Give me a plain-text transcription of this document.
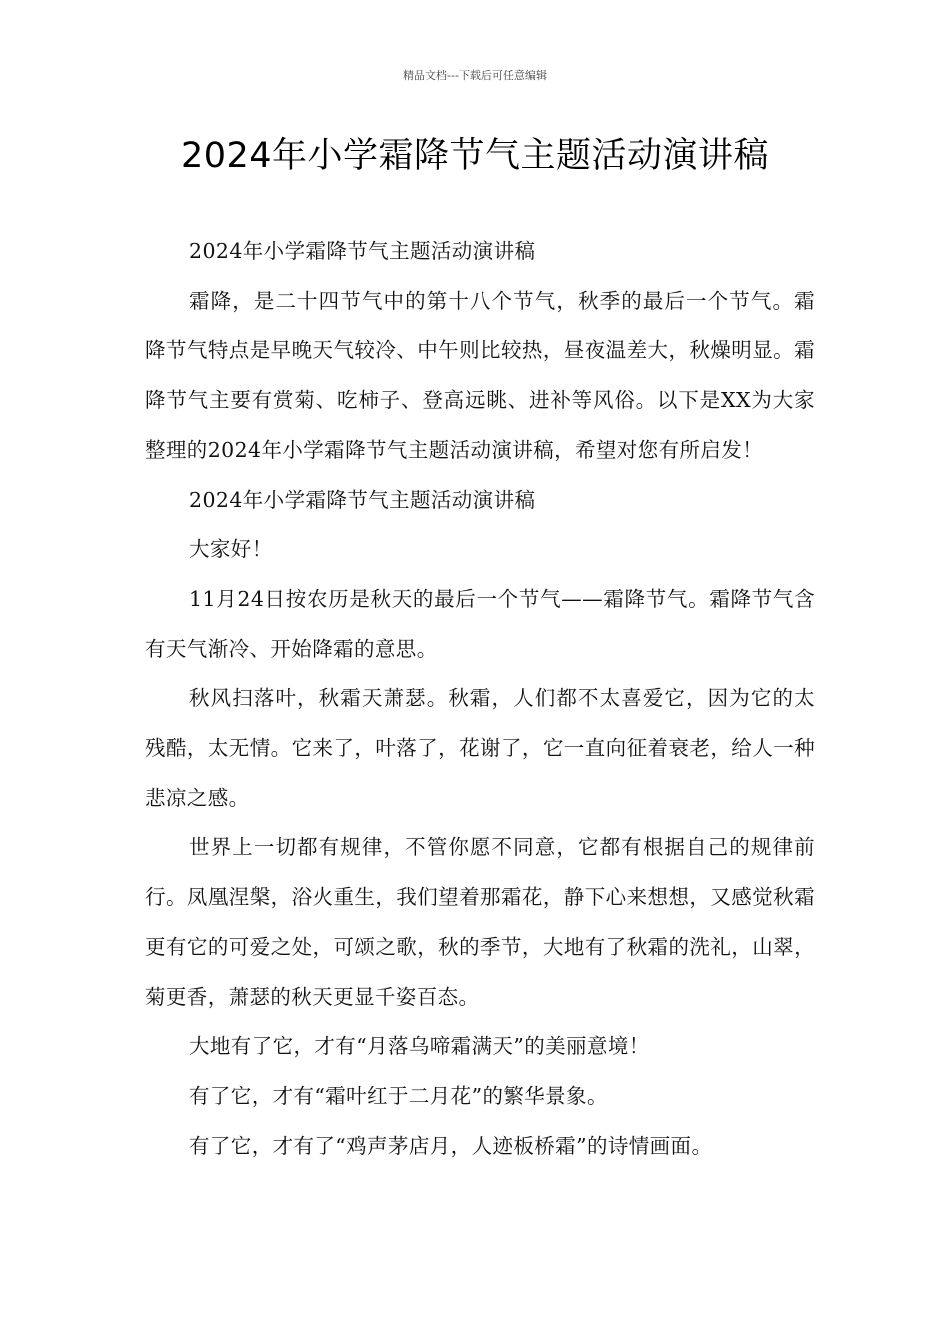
精品文档---下载后可任意编辑
2024年小学霜降节气主题活动演讲稿

2024年小学霜降节气主题活动演讲稿

霜降，是二十四节气中的第十八个节气，秋季的最后一个节气。霜降节气特点是早晚天气较冷、中午则比较热，昼夜温差大，秋燥明显。霜降节气主要有赏菊、吃柿子、登高远眺、进补等风俗。以下是XX为大家整理的2024年小学霜降节气主题活动演讲稿，希望对您有所启发！

2024年小学霜降节气主题活动演讲稿

大家好！

11月24日按农历是秋天的最后一个节气——霜降节气。霜降节气含有天气渐冷、开始降霜的意思。

秋风扫落叶，秋霜天萧瑟。秋霜，人们都不太喜爱它，因为它的太残酷，太无情。它来了，叶落了，花谢了，它一直向征着衰老，给人一种悲凉之感。

世界上一切都有规律，不管你愿不同意，它都有根据自己的规律前行。凤凰涅槃，浴火重生，我们望着那霜花，静下心来想想，又感觉秋霜更有它的可爱之处，可颂之歌，秋的季节，大地有了秋霜的洗礼，山翠，菊更香，萧瑟的秋天更显千姿百态。

大地有了它，才有“月落乌啼霜满天”的美丽意境！

有了它，才有“霜叶红于二月花”的繁华景象。

有了它，才有了“鸡声茅店月，人迹板桥霜”的诗情画面。
